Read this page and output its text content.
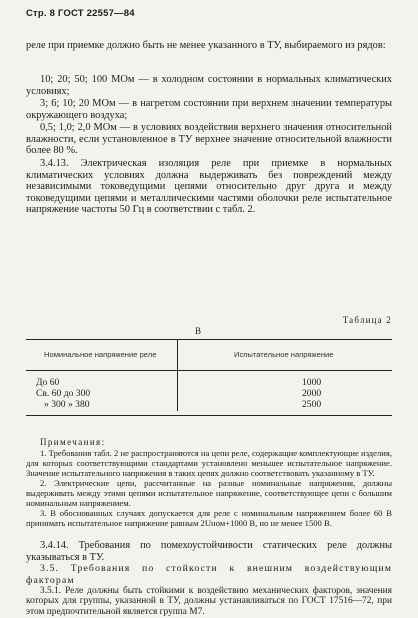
Стр. 8 ГОСТ 22557—84

реле при приемке должно быть не менее указанного в ТУ, выбираемого из рядов:

10; 20; 50; 100 МОм — в холодном состоянии в нормальных климатических условиях;

3; 6; 10; 20 МОм — в нагретом состоянии при верхнем значении температуры окружающего воздуха;

0,5; 1,0; 2,0 МОм — в условиях воздействия верхнего значения относительной влажности, если установленное в ТУ верхнее значение относительной влажности более 80 %.

3.4.13. Электрическая изоляция реле при приемке в нормальных климатических условиях должна выдерживать без повреждений между независимыми токоведущими цепями относительно друг друга и между токоведущими цепями и металлическими частями оболочки реле испытательное напряжение частоты 50 Гц в соответствии с табл. 2.

Таблица 2
В
Номинальное напряжение реле	Испытательное напряжение
До 60	1000
Св. 60 до 300	2000
» 300 » 380	2500
Примечания:

1. Требования табл. 2 не распространяются на цепи реле, содержащие комплектующие изделия, для которых соответствующими стандартами установлено меньшее испытательное напряжение. Значение испытательного напряжения в таких цепях должно соответствовать указанному в ТУ.

2. Электрические цепи, рассчитанные на разные номинальные напряжения, должны выдерживать между этими цепями испытательное напряжение, соответствующее цепи с большим номинальным напряжением.

3. В обоснованных случаях допускается для реле с номинальным напряжением более 60 В принимать испытательное напряжение равным 2Uном+1000 В, но не менее 1500 В.

3.4.14. Требования по помехоустойчивости статических реле должны указываться в ТУ.

3.5. Требования по стойкости к внешним воздействующим факторам

3.5.1. Реле должны быть стойкими к воздействию механических факторов, значения которых для группы, указанной в ТУ, должны устанавливаться по ГОСТ 17516—72, при этом предпочтительной является группа М7.
